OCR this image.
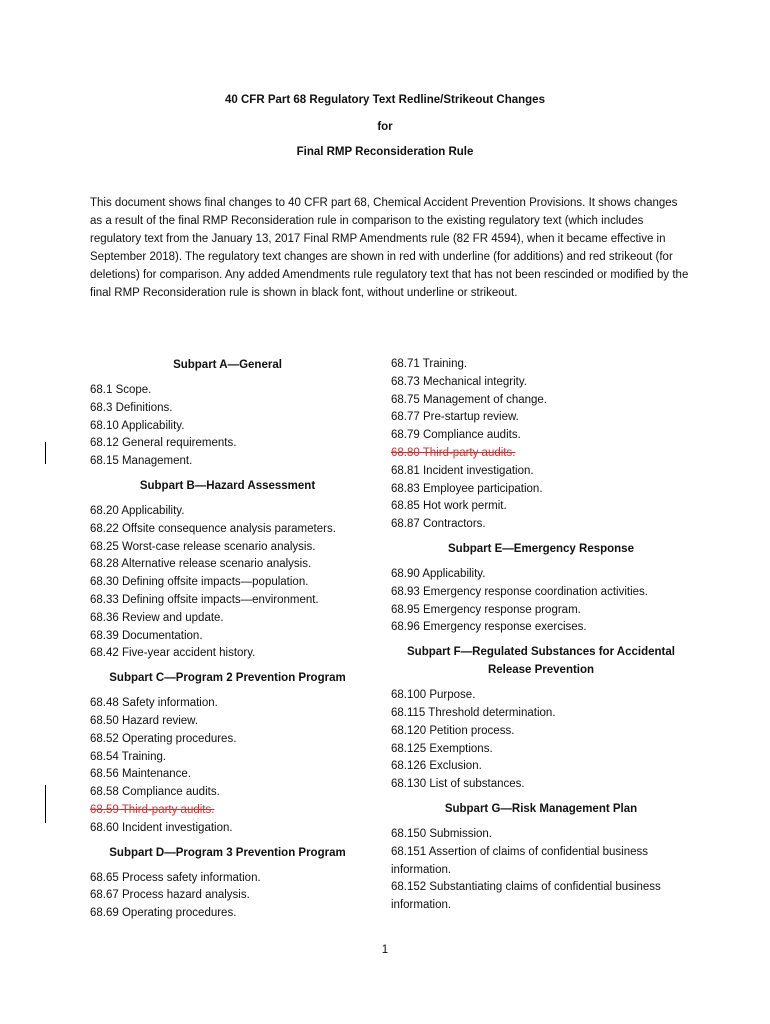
40 CFR Part 68 Regulatory Text Redline/Strikeout Changes
for
Final RMP Reconsideration Rule

This document shows final changes to 40 CFR part 68, Chemical Accident Prevention Provisions. It shows changes as a result of the final RMP Reconsideration rule in comparison to the existing regulatory text (which includes regulatory text from the January 13, 2017 Final RMP Amendments rule (82 FR 4594), when it became effective in September 2018). The regulatory text changes are shown in red with underline (for additions) and red strikeout (for deletions) for comparison. Any added Amendments rule regulatory text that has not been rescinded or modified by the final RMP Reconsideration rule is shown in black font, without underline or strikeout.

Subpart A—General
68.1 Scope.
68.3 Definitions.
68.10 Applicability.
68.12 General requirements.
68.15 Management.
Subpart B—Hazard Assessment
68.20 Applicability.
68.22 Offsite consequence analysis parameters.
68.25 Worst-case release scenario analysis.
68.28 Alternative release scenario analysis.
68.30 Defining offsite impacts—population.
68.33 Defining offsite impacts—environment.
68.36 Review and update.
68.39 Documentation.
68.42 Five-year accident history.
Subpart C—Program 2 Prevention Program
68.48 Safety information.
68.50 Hazard review.
68.52 Operating procedures.
68.54 Training.
68.56 Maintenance.
68.58 Compliance audits.
68.59 Third-party audits.
68.60 Incident investigation.
Subpart D—Program 3 Prevention Program
68.65 Process safety information.
68.67 Process hazard analysis.
68.69 Operating procedures.
68.71 Training.
68.73 Mechanical integrity.
68.75 Management of change.
68.77 Pre-startup review.
68.79 Compliance audits.
68.80 Third-party audits.
68.81 Incident investigation.
68.83 Employee participation.
68.85 Hot work permit.
68.87 Contractors.
Subpart E—Emergency Response
68.90 Applicability.
68.93 Emergency response coordination activities.
68.95 Emergency response program.
68.96 Emergency response exercises.
Subpart F—Regulated Substances for Accidental
Release Prevention
68.100 Purpose.
68.115 Threshold determination.
68.120 Petition process.
68.125 Exemptions.
68.126 Exclusion.
68.130 List of substances.
Subpart G—Risk Management Plan
68.150 Submission.
68.151 Assertion of claims of confidential business
information.
68.152 Substantiating claims of confidential business
information.
1
